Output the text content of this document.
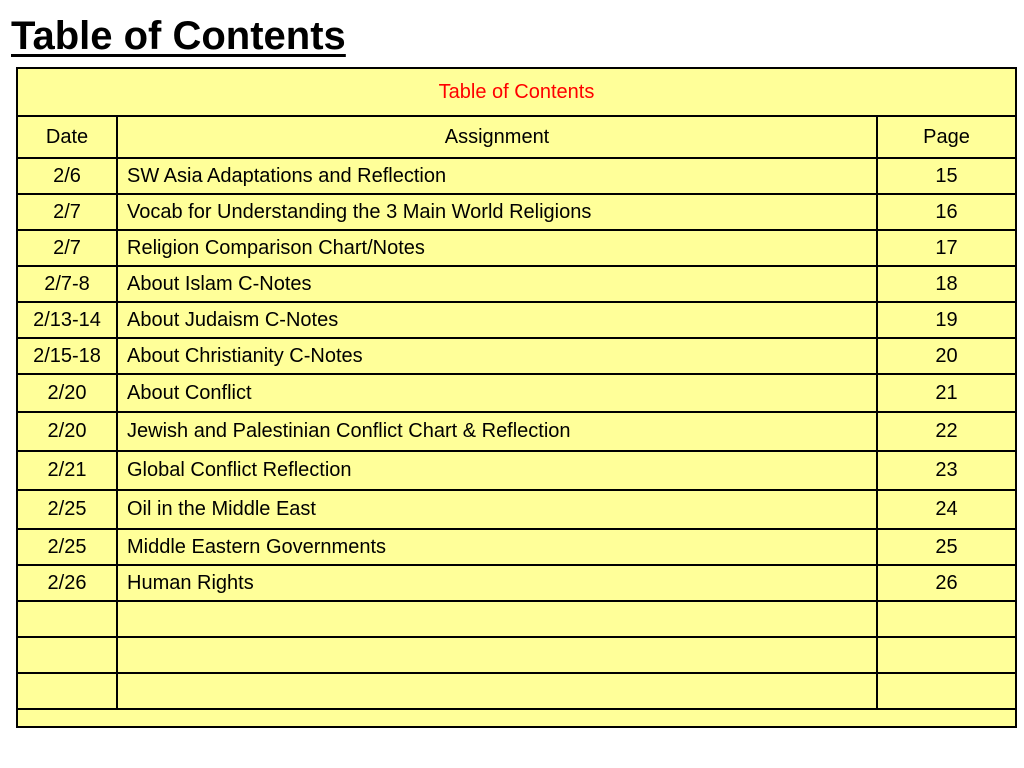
Table of Contents
Table of Contents		
Date	Assignment	Page
2/6	SW Asia Adaptations and Reflection	15
2/7	Vocab for Understanding the 3 Main World Religions	16
2/7	Religion Comparison Chart/Notes	17
2/7-8	About Islam C-Notes	18
2/13-14	About Judaism C-Notes	19
2/15-18	About Christianity C-Notes	20
2/20	About Conflict	21
2/20	Jewish and Palestinian Conflict Chart & Reflection	22
2/21	Global Conflict Reflection	23
2/25	Oil in the Middle East	24
2/25	Middle Eastern Governments	25
2/26	Human Rights	26
